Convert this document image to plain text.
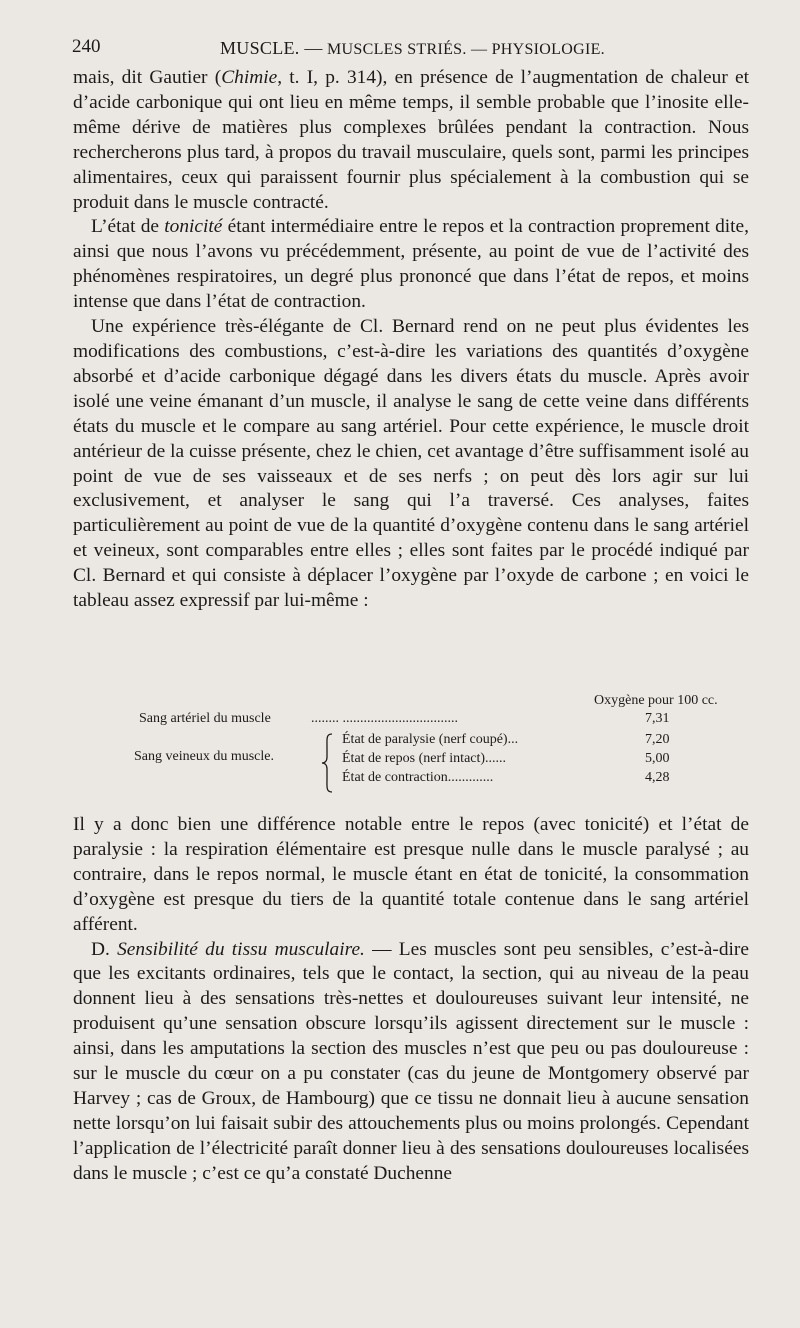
240	MUSCLE. — MUSCLES STRIÉS. — PHYSIOLOGIE.

mais, dit Gautier (Chimie, t. I, p. 314), en présence de l’augmentation de chaleur et d’acide carbonique qui ont lieu en même temps, il semble probable que l’inosite elle-même dérive de matières plus complexes brûlées pendant la contraction. Nous rechercherons plus tard, à propos du travail musculaire, quels sont, parmi les principes alimentaires, ceux qui paraissent fournir plus spécialement à la combustion qui se produit dans le muscle contracté.

L’état de tonicité étant intermédiaire entre le repos et la contraction proprement dite, ainsi que nous l’avons vu précédemment, présente, au point de vue de l’activité des phénomènes respiratoires, un degré plus prononcé que dans l’état de repos, et moins intense que dans l’état de contraction.

Une expérience très-élégante de Cl. Bernard rend on ne peut plus évidentes les modifications des combustions, c’est-à-dire les variations des quantités d’oxygène absorbé et d’acide carbonique dégagé dans les divers états du muscle. Après avoir isolé une veine émanant d’un muscle, il analyse le sang de cette veine dans différents états du muscle et le compare au sang artériel. Pour cette expérience, le muscle droit antérieur de la cuisse présente, chez le chien, cet avantage d’être suffisamment isolé au point de vue de ses vaisseaux et de ses nerfs ; on peut dès lors agir sur lui exclusivement, et analyser le sang qui l’a traversé. Ces analyses, faites particulièrement au point de vue de la quantité d’oxygène contenu dans le sang artériel et veineux, sont comparables entre elles ; elles sont faites par le procédé indiqué par Cl. Bernard et qui consiste à déplacer l’oxygène par l’oxyde de carbone ; en voici le tableau assez expressif par lui-même :

Oxygène pour 100 cc.
Sang artériel du muscle	........ .................................	7,31
Sang veineux du muscle.
État de paralysie (nerf coupé)...	7,20
État de repos (nerf intact)......	5,00
État de contraction.............	4,28

Il y a donc bien une différence notable entre le repos (avec tonicité) et l’état de paralysie : la respiration élémentaire est presque nulle dans le muscle paralysé ; au contraire, dans le repos normal, le muscle étant en état de tonicité, la consommation d’oxygène est presque du tiers de la quantité totale contenue dans le sang artériel afférent.

D. Sensibilité du tissu musculaire. — Les muscles sont peu sensibles, c’est-à-dire que les excitants ordinaires, tels que le contact, la section, qui au niveau de la peau donnent lieu à des sensations très-nettes et douloureuses suivant leur intensité, ne produisent qu’une sensation obscure lorsqu’ils agissent directement sur le muscle : ainsi, dans les amputations la section des muscles n’est que peu ou pas douloureuse : sur le muscle du cœur on a pu constater (cas du jeune de Montgomery observé par Harvey ; cas de Groux, de Hambourg) que ce tissu ne donnait lieu à aucune sensation nette lorsqu’on lui faisait subir des attouchements plus ou moins prolongés. Cependant l’application de l’électricité paraît donner lieu à des sensations douloureuses localisées dans le muscle ; c’est ce qu’a constaté Duchenne
